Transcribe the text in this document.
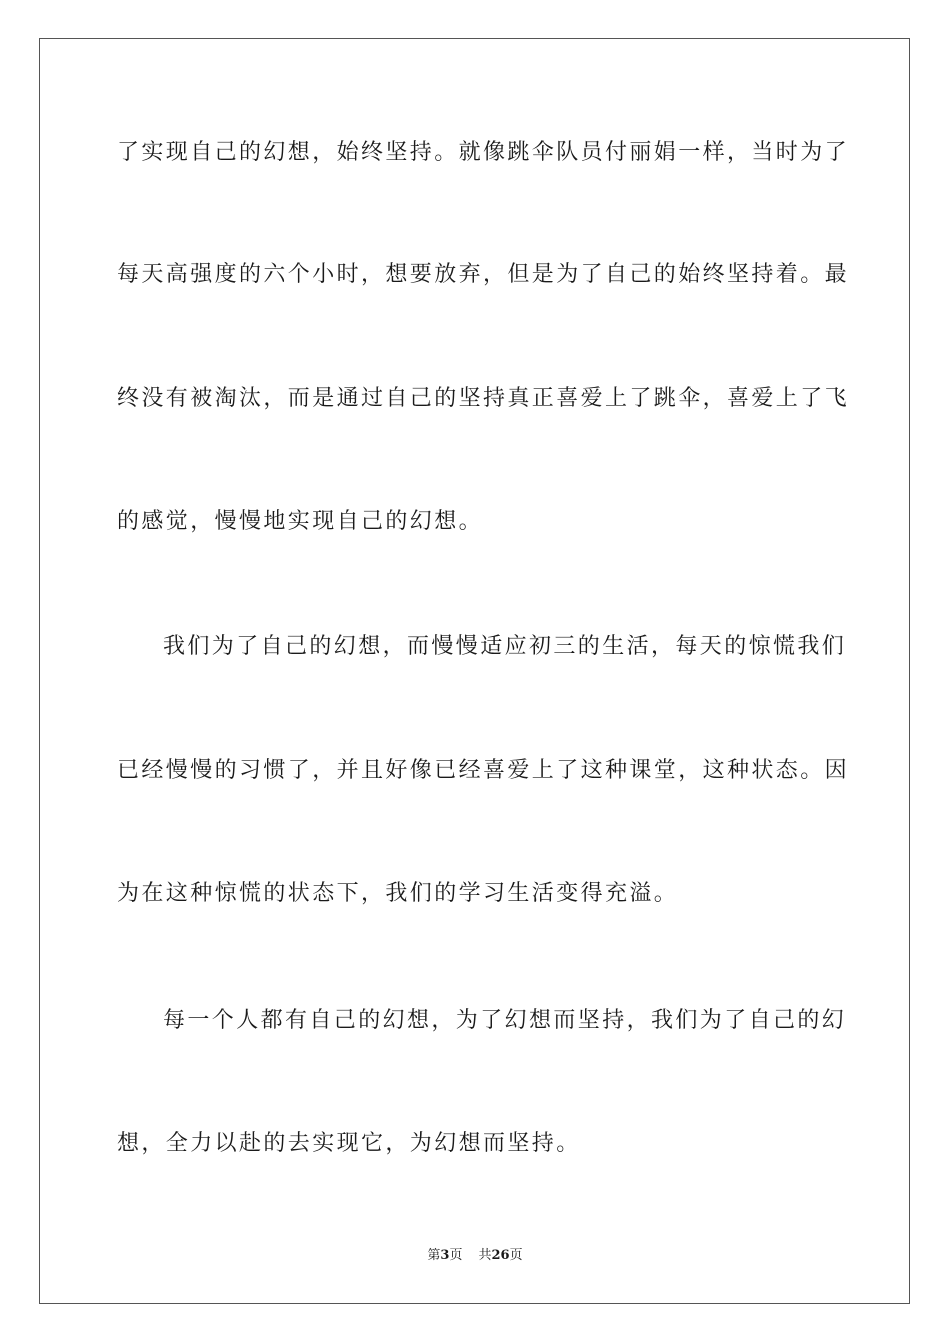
了实现自己的幻想，始终坚持。就像跳伞队员付丽娟一样，当时为了
每天高强度的六个小时，想要放弃，但是为了自己的始终坚持着。最
终没有被淘汰，而是通过自己的坚持真正喜爱上了跳伞，喜爱上了飞
的感觉，慢慢地实现自己的幻想。
我们为了自己的幻想，而慢慢适应初三的生活，每天的惊慌我们
已经慢慢的习惯了，并且好像已经喜爱上了这种课堂，这种状态。因
为在这种惊慌的状态下，我们的学习生活变得充溢。
每一个人都有自己的幻想，为了幻想而坚持，我们为了自己的幻
想，全力以赴的去实现它，为幻想而坚持。
第3页 共26页
